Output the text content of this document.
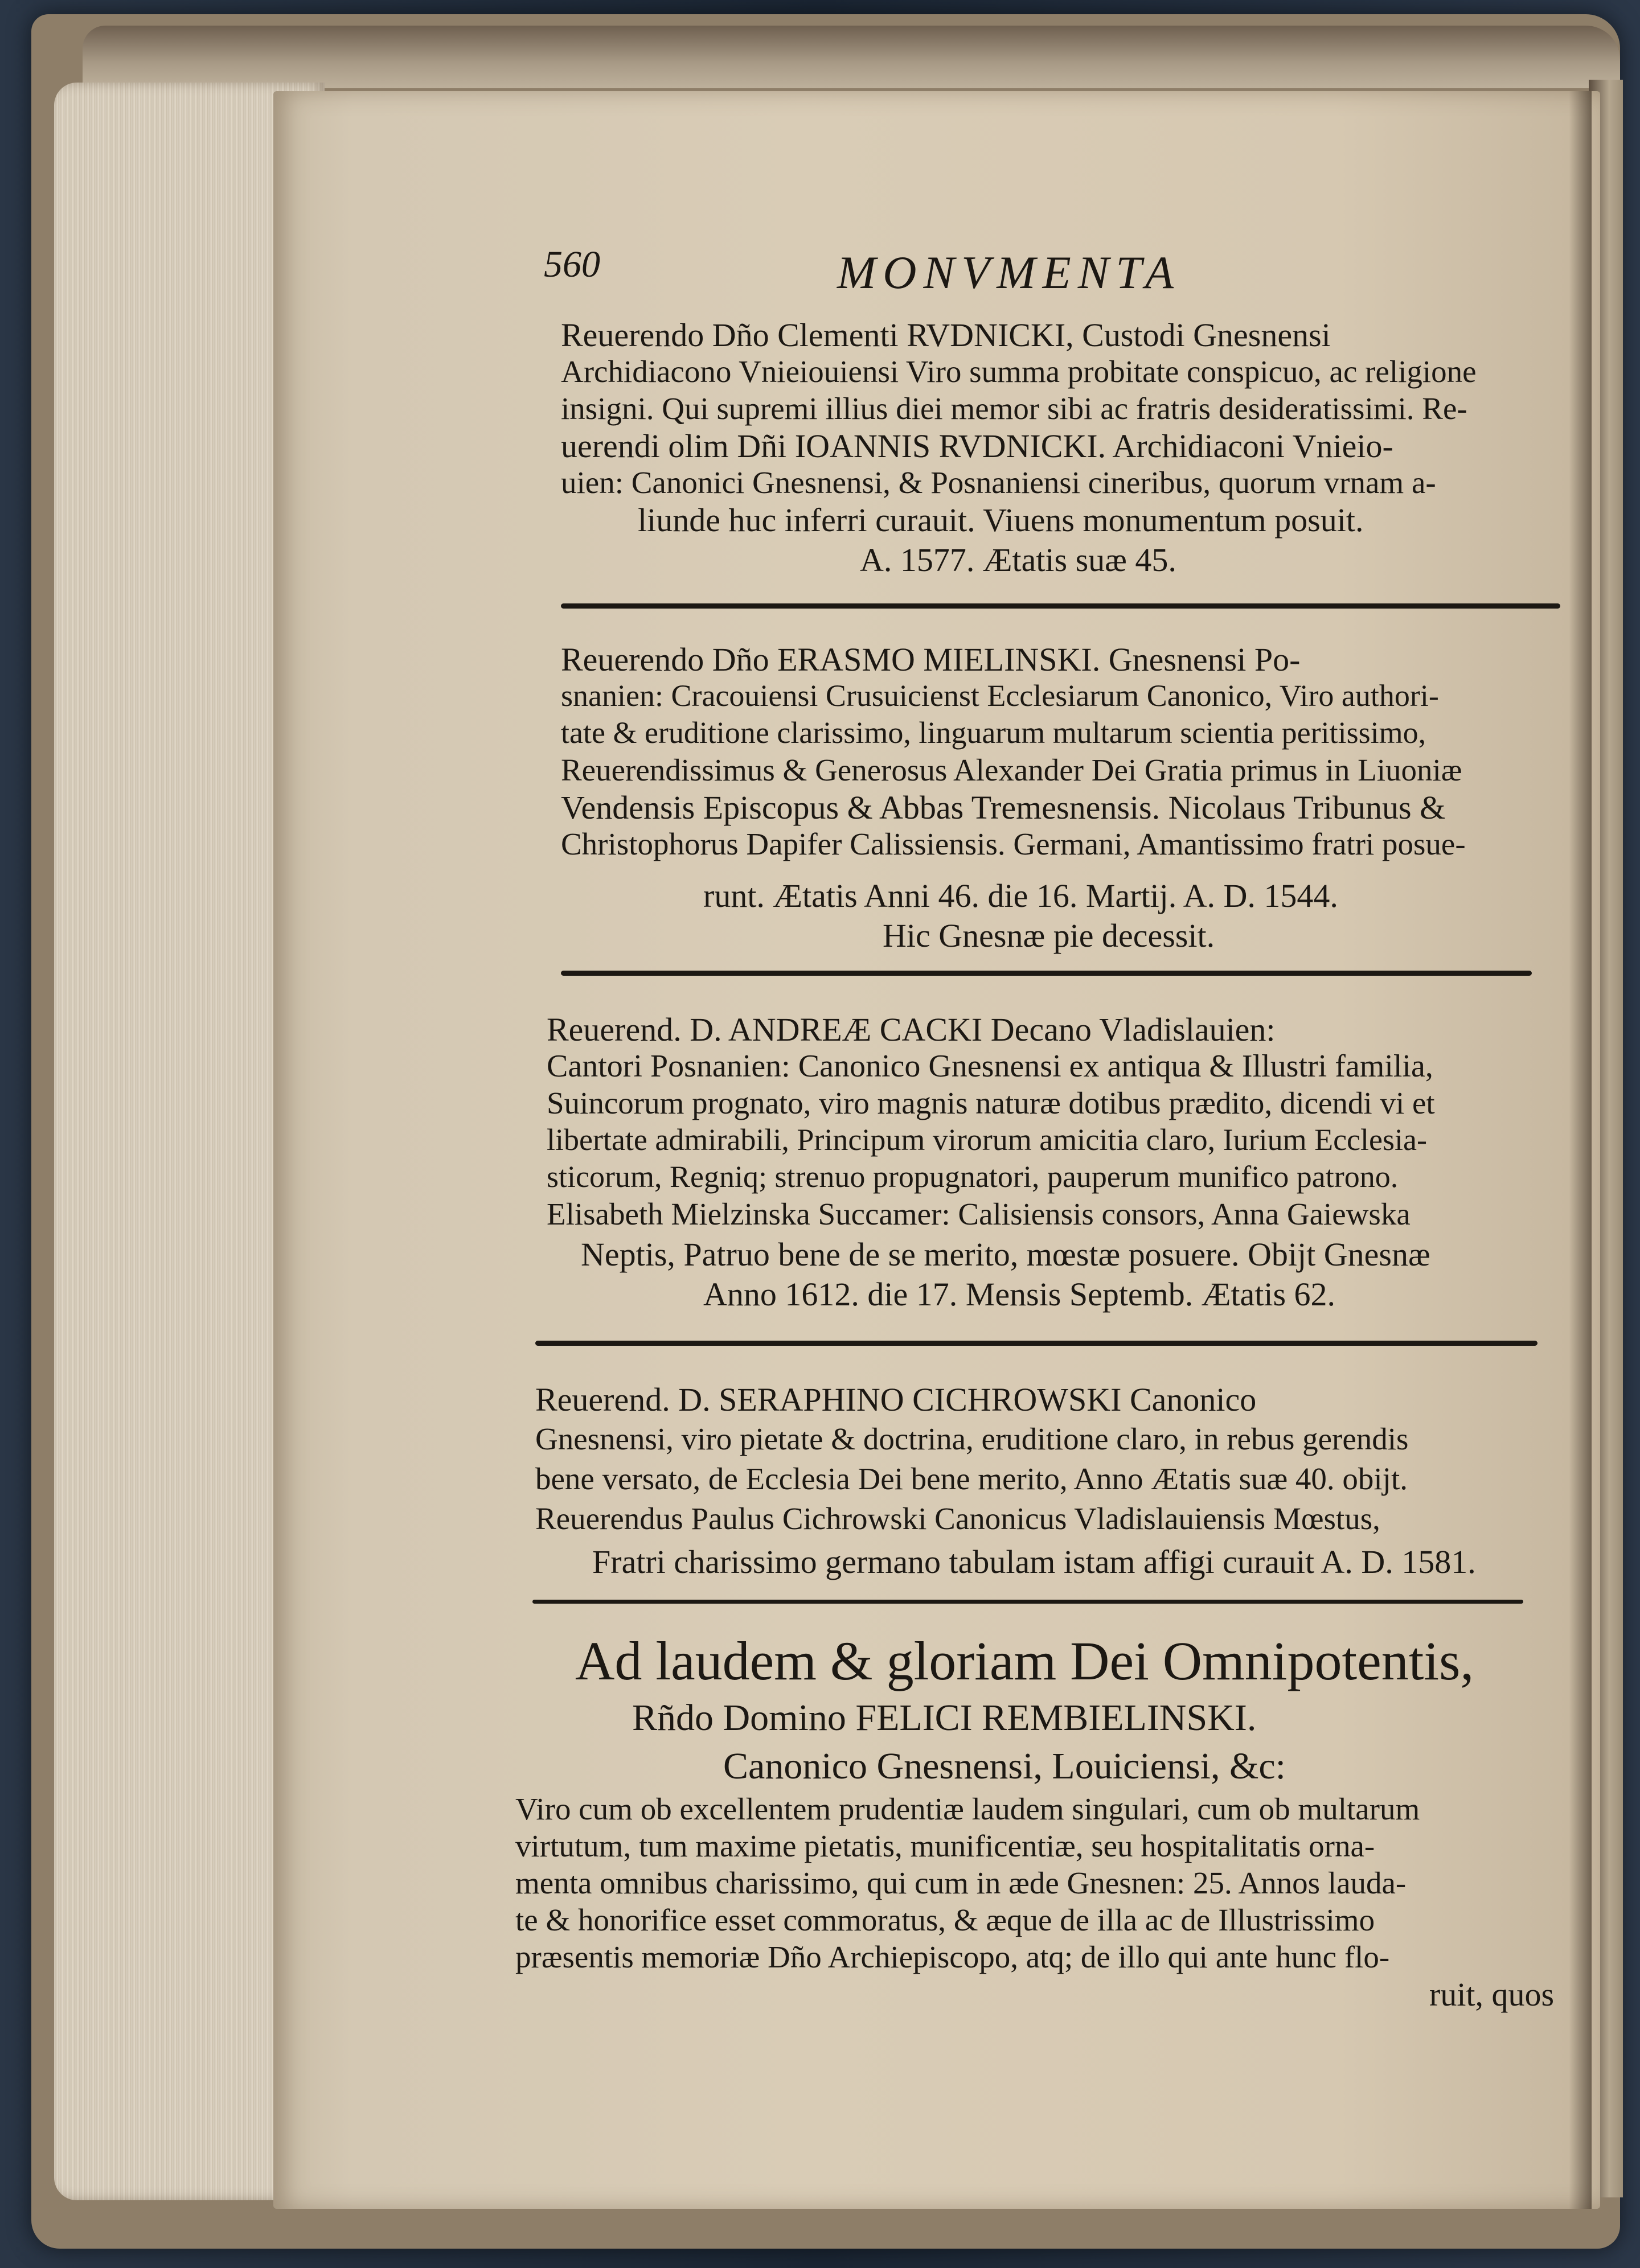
560	MONVMENTA
Reuerendo Dño Clementi RVDNICKI, Custodi Gnesnensi
Archidiacono Vnieiouiensi Viro summa probitate conspicuo, ac religione
insigni. Qui supremi illius diei memor sibi ac fratris desideratissimi. Re-
uerendi olim Dñi IOANNIS RVDNICKI. Archidiaconi Vnieio-
uien: Canonici Gnesnensi, & Posnaniensi cineribus, quorum vrnam a-
liunde huc inferri curauit. Viuens monumentum posuit.
A. 1577. Ætatis suæ 45.
Reuerendo Dño ERASMO MIELINSKI. Gnesnensi Po-
snanien: Cracouiensi Crusuicienst Ecclesiarum Canonico, Viro authori-
tate & eruditione clarissimo, linguarum multarum scientia peritissimo,
Reuerendissimus & Generosus Alexander Dei Gratia primus in Liuoniæ
Vendensis Episcopus & Abbas Tremesnensis. Nicolaus Tribunus &
Christophorus Dapifer Calissiensis. Germani, Amantissimo fratri posue-
runt. Ætatis Anni 46. die 16. Martij. A. D. 1544.
Hic Gnesnæ pie decessit.
Reuerend. D. ANDREÆ CACKI Decano Vladislauien:
Cantori Posnanien: Canonico Gnesnensi ex antiqua & Illustri familia,
Suincorum prognato, viro magnis naturæ dotibus prædito, dicendi vi et
libertate admirabili, Principum virorum amicitia claro, Iurium Ecclesia-
sticorum, Regniq; strenuo propugnatori, pauperum munifico patrono.
Elisabeth Mielzinska Succamer: Calisiensis consors, Anna Gaiewska
Neptis, Patruo bene de se merito, mœstæ posuere. Obijt Gnesnæ
Anno 1612. die 17. Mensis Septemb. Ætatis 62.
Reuerend. D. SERAPHINO CICHROWSKI Canonico
Gnesnensi, viro pietate & doctrina, eruditione claro, in rebus gerendis
bene versato, de Ecclesia Dei bene merito, Anno Ætatis suæ 40. obijt.
Reuerendus Paulus Cichrowski Canonicus Vladislauiensis Mœstus,
Fratri charissimo germano tabulam istam affigi curauit A. D. 1581.
Ad laudem & gloriam Dei Omnipotentis,
Rñdo Domino FELICI REMBIELINSKI.
Canonico Gnesnensi, Louiciensi, &c:
Viro cum ob excellentem prudentiæ laudem singulari, cum ob multarum
virtutum, tum maxime pietatis, munificentiæ, seu hospitalitatis orna-
menta omnibus charissimo, qui cum in æde Gnesnen: 25. Annos lauda-
te & honorifice esset commoratus, & æque de illa ac de Illustrissimo
præsentis memoriæ Dño Archiepiscopo, atq; de illo qui ante hunc flo-
ruit, quos
